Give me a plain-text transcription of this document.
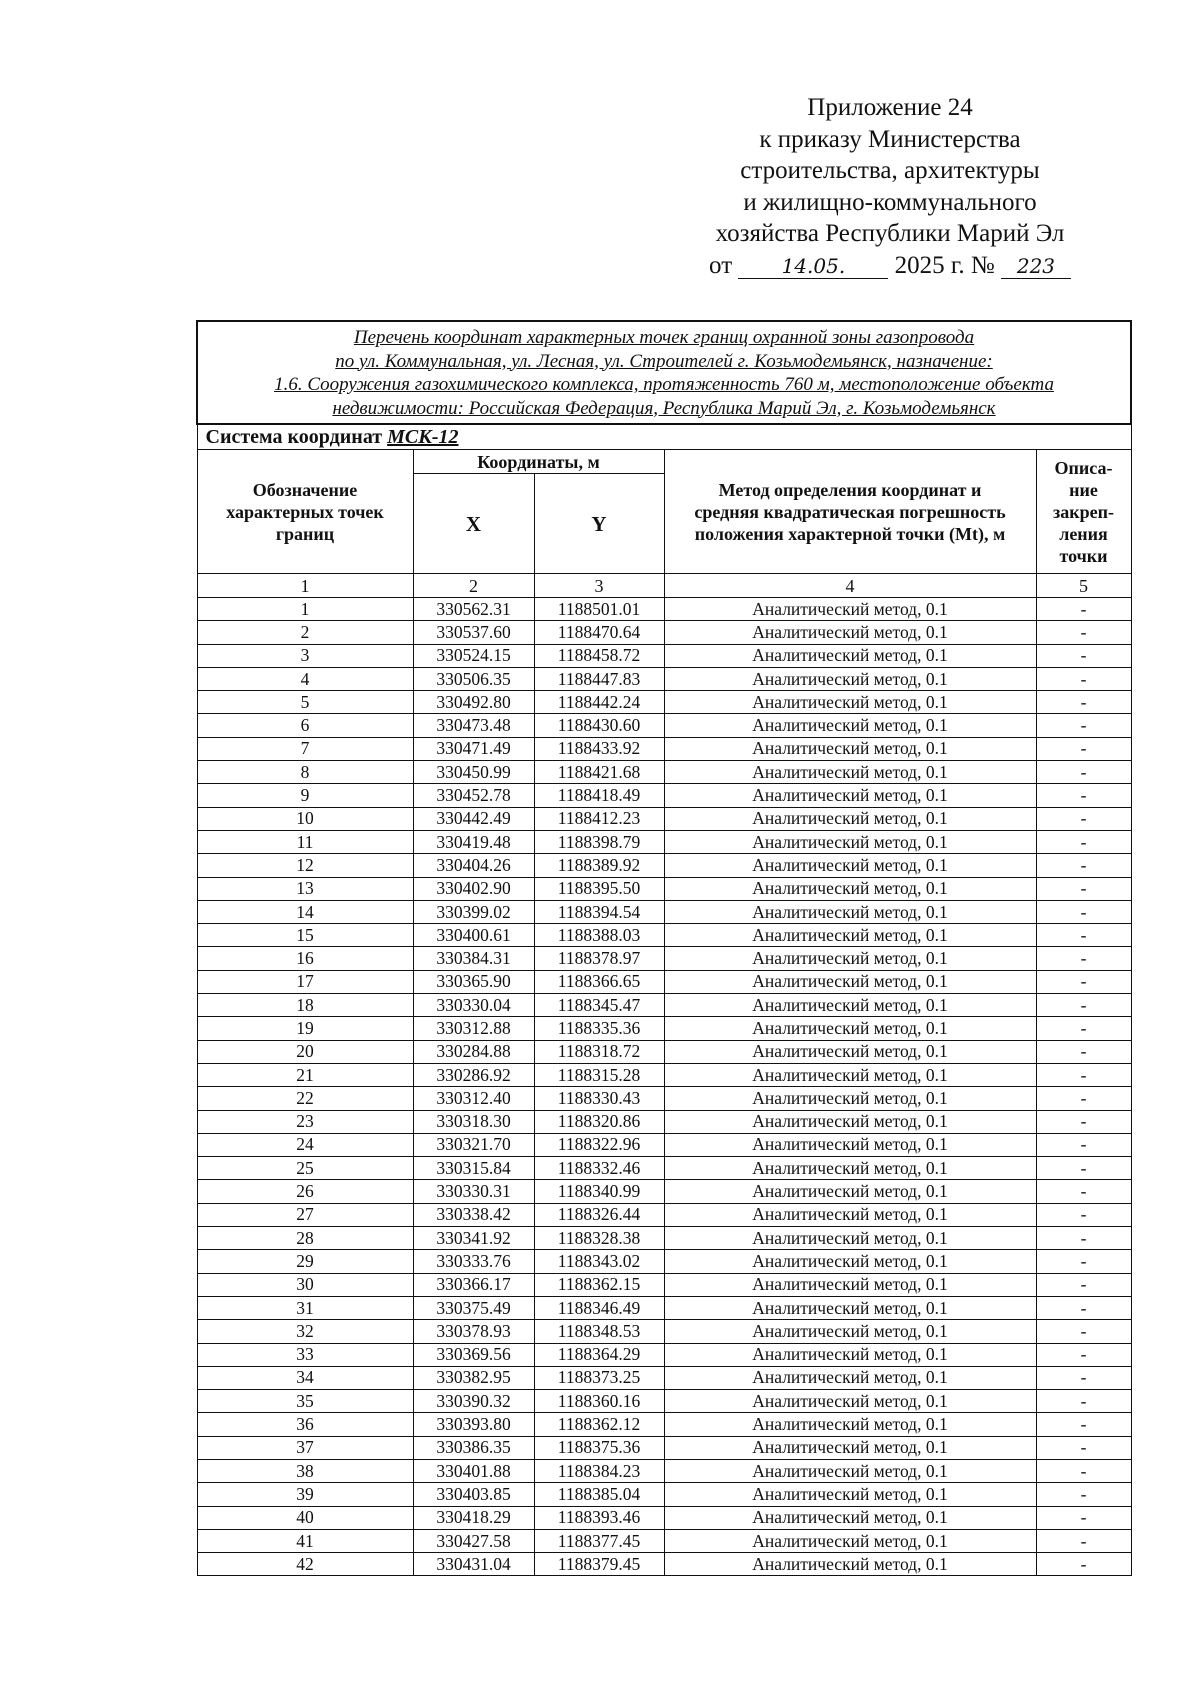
Приложение 24
к приказу Министерства
строительства, архитектуры
и жилищно-коммунального
хозяйства Республики Марий Эл
от 14.05. 2025 г. № 223
Перечень координат характерных точек границ охранной зоны газопровода
по ул. Коммунальная, ул. Лесная, ул. Строителей г. Козьмодемьянск, назначение:
1.6. Сооружения газохимического комплекса, протяженность 760 м, местоположение объекта
недвижимости: Российская Федерация, Республика Марий Эл, г. Козьмодемьянск				

Система координат МСК-12				
Обозначение характерных точек границ	Координаты, м		Метод определения координат и средняя квадратическая погрешность положения характерной точки (Mt), м	Описа-ние закреп-ления точки
	X	Y		
1	2	3	4	5
1	330562.31	1188501.01	Аналитический метод, 0.1	-
2	330537.60	1188470.64	Аналитический метод, 0.1	-
3	330524.15	1188458.72	Аналитический метод, 0.1	-
4	330506.35	1188447.83	Аналитический метод, 0.1	-
5	330492.80	1188442.24	Аналитический метод, 0.1	-
6	330473.48	1188430.60	Аналитический метод, 0.1	-
7	330471.49	1188433.92	Аналитический метод, 0.1	-
8	330450.99	1188421.68	Аналитический метод, 0.1	-
9	330452.78	1188418.49	Аналитический метод, 0.1	-
10	330442.49	1188412.23	Аналитический метод, 0.1	-
11	330419.48	1188398.79	Аналитический метод, 0.1	-
12	330404.26	1188389.92	Аналитический метод, 0.1	-
13	330402.90	1188395.50	Аналитический метод, 0.1	-
14	330399.02	1188394.54	Аналитический метод, 0.1	-
15	330400.61	1188388.03	Аналитический метод, 0.1	-
16	330384.31	1188378.97	Аналитический метод, 0.1	-
17	330365.90	1188366.65	Аналитический метод, 0.1	-
18	330330.04	1188345.47	Аналитический метод, 0.1	-
19	330312.88	1188335.36	Аналитический метод, 0.1	-
20	330284.88	1188318.72	Аналитический метод, 0.1	-
21	330286.92	1188315.28	Аналитический метод, 0.1	-
22	330312.40	1188330.43	Аналитический метод, 0.1	-
23	330318.30	1188320.86	Аналитический метод, 0.1	-
24	330321.70	1188322.96	Аналитический метод, 0.1	-
25	330315.84	1188332.46	Аналитический метод, 0.1	-
26	330330.31	1188340.99	Аналитический метод, 0.1	-
27	330338.42	1188326.44	Аналитический метод, 0.1	-
28	330341.92	1188328.38	Аналитический метод, 0.1	-
29	330333.76	1188343.02	Аналитический метод, 0.1	-
30	330366.17	1188362.15	Аналитический метод, 0.1	-
31	330375.49	1188346.49	Аналитический метод, 0.1	-
32	330378.93	1188348.53	Аналитический метод, 0.1	-
33	330369.56	1188364.29	Аналитический метод, 0.1	-
34	330382.95	1188373.25	Аналитический метод, 0.1	-
35	330390.32	1188360.16	Аналитический метод, 0.1	-
36	330393.80	1188362.12	Аналитический метод, 0.1	-
37	330386.35	1188375.36	Аналитический метод, 0.1	-
38	330401.88	1188384.23	Аналитический метод, 0.1	-
39	330403.85	1188385.04	Аналитический метод, 0.1	-
40	330418.29	1188393.46	Аналитический метод, 0.1	-
41	330427.58	1188377.45	Аналитический метод, 0.1	-
42	330431.04	1188379.45	Аналитический метод, 0.1	-
